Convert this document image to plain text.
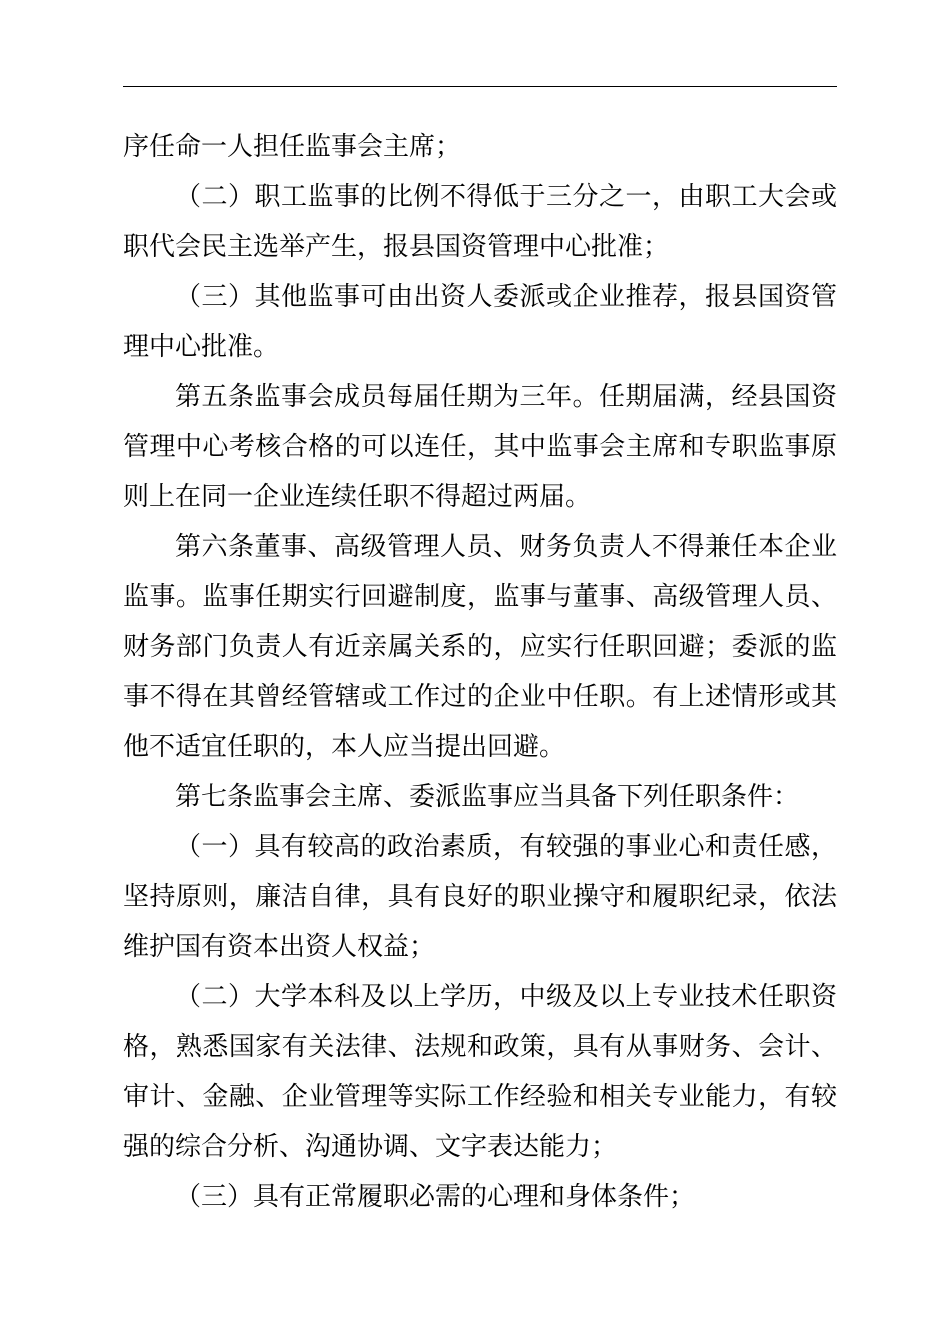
序任命一人担任监事会主席；
（二）职工监事的比例不得低于三分之一，由职工大会或
职代会民主选举产生，报县国资管理中心批准；
（三）其他监事可由出资人委派或企业推荐，报县国资管
理中心批准。
第五条监事会成员每届任期为三年。任期届满，经县国资
管理中心考核合格的可以连任，其中监事会主席和专职监事原
则上在同一企业连续任职不得超过两届。
第六条董事、高级管理人员、财务负责人不得兼任本企业
监事。监事任期实行回避制度，监事与董事、高级管理人员、
财务部门负责人有近亲属关系的，应实行任职回避；委派的监
事不得在其曾经管辖或工作过的企业中任职。有上述情形或其
他不适宜任职的，本人应当提出回避。
第七条监事会主席、委派监事应当具备下列任职条件：
（一）具有较高的政治素质，有较强的事业心和责任感，
坚持原则，廉洁自律，具有良好的职业操守和履职纪录，依法
维护国有资本出资人权益；
（二）大学本科及以上学历，中级及以上专业技术任职资
格，熟悉国家有关法律、法规和政策，具有从事财务、会计、
审计、金融、企业管理等实际工作经验和相关专业能力，有较
强的综合分析、沟通协调、文字表达能力；
（三）具有正常履职必需的心理和身体条件；
